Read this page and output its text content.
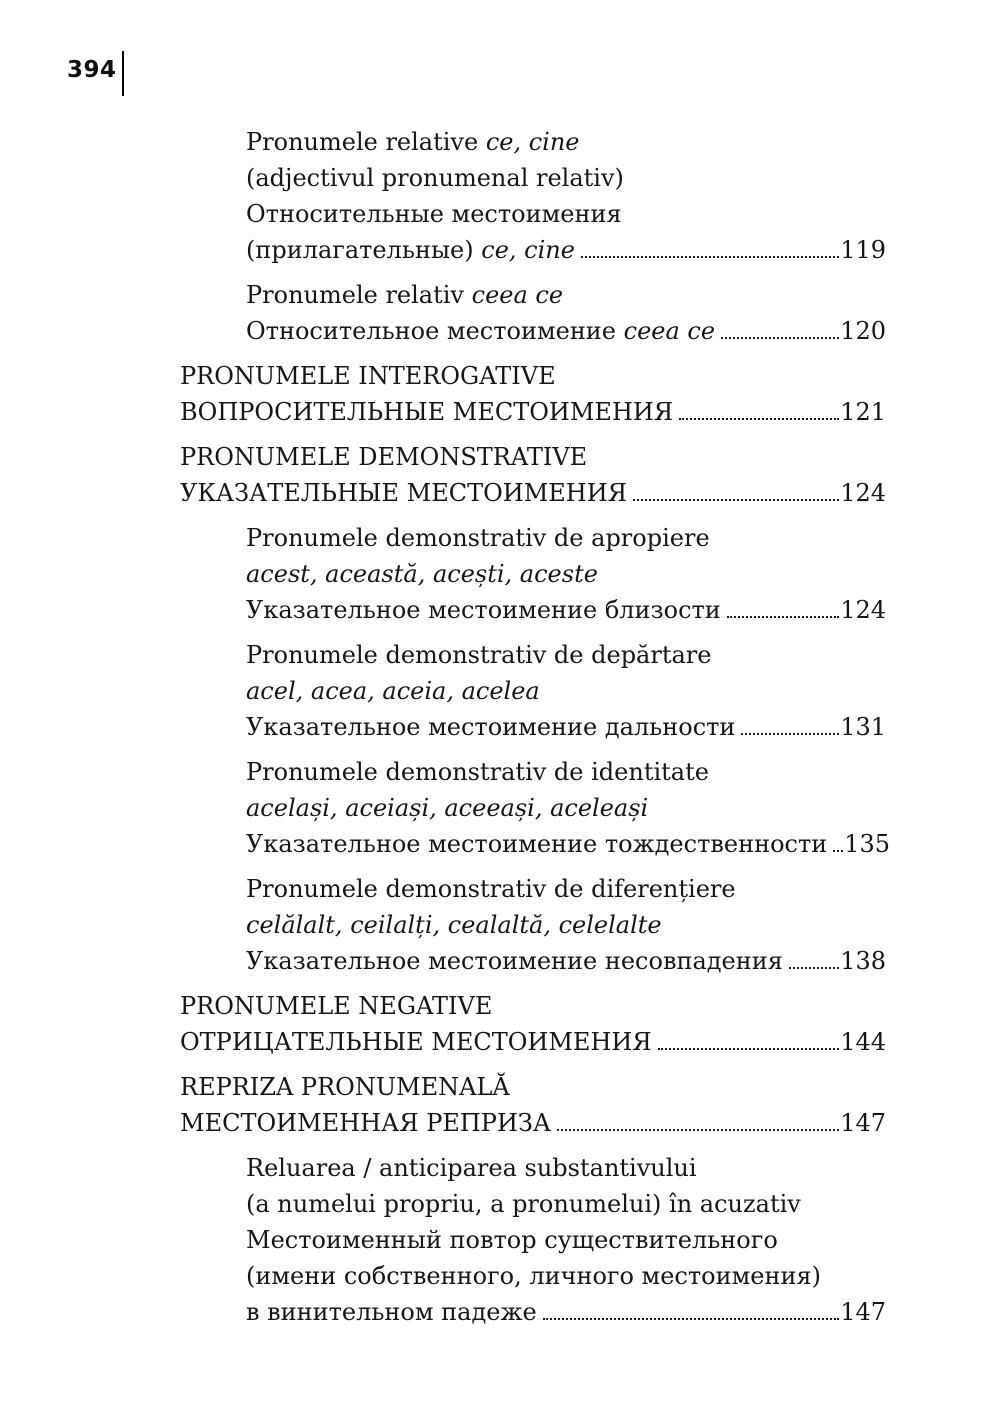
394
Pronumele relative ce, cine
(adjectivul pronumenal relativ)
Относительные местоимения
(прилагательные) ce, cine	119
Pronumele relativ ceea ce
Относительное местоимение ceea ce	120
PRONUMELE INTEROGATIVE
ВОПРОСИТЕЛЬНЫЕ МЕСТОИМЕНИЯ	121
PRONUMELE DEMONSTRATIVE
УКАЗАТЕЛЬНЫЕ МЕСТОИМЕНИЯ	124
Pronumele demonstrativ de apropiere
acest, această, acești, aceste
Указательное местоимение близости	124
Pronumele demonstrativ de depărtare
acel, acea, aceia, acelea
Указательное местоимение дальности	131
Pronumele demonstrativ de identitate
același, aceiași, aceeași, aceleași
Указательное местоимение тождественности 135
Pronumele demonstrativ de diferențiere
celălalt, ceilalți, cealaltă, celelalte
Указательное местоимение несовпадения 138
PRONUMELE NEGATIVE
ОТРИЦАТЕЛЬНЫЕ МЕСТОИМЕНИЯ	144
REPRIZA PRONUMENALĂ
МЕСТОИМЕННАЯ РЕПРИЗА	147
Reluarea / anticiparea substantivului
(a numelui propriu, a pronumelui) în acuzativ
Местоименный повтор существительного
(имени собственного, личного местоимения)
в винительном падеже	147
